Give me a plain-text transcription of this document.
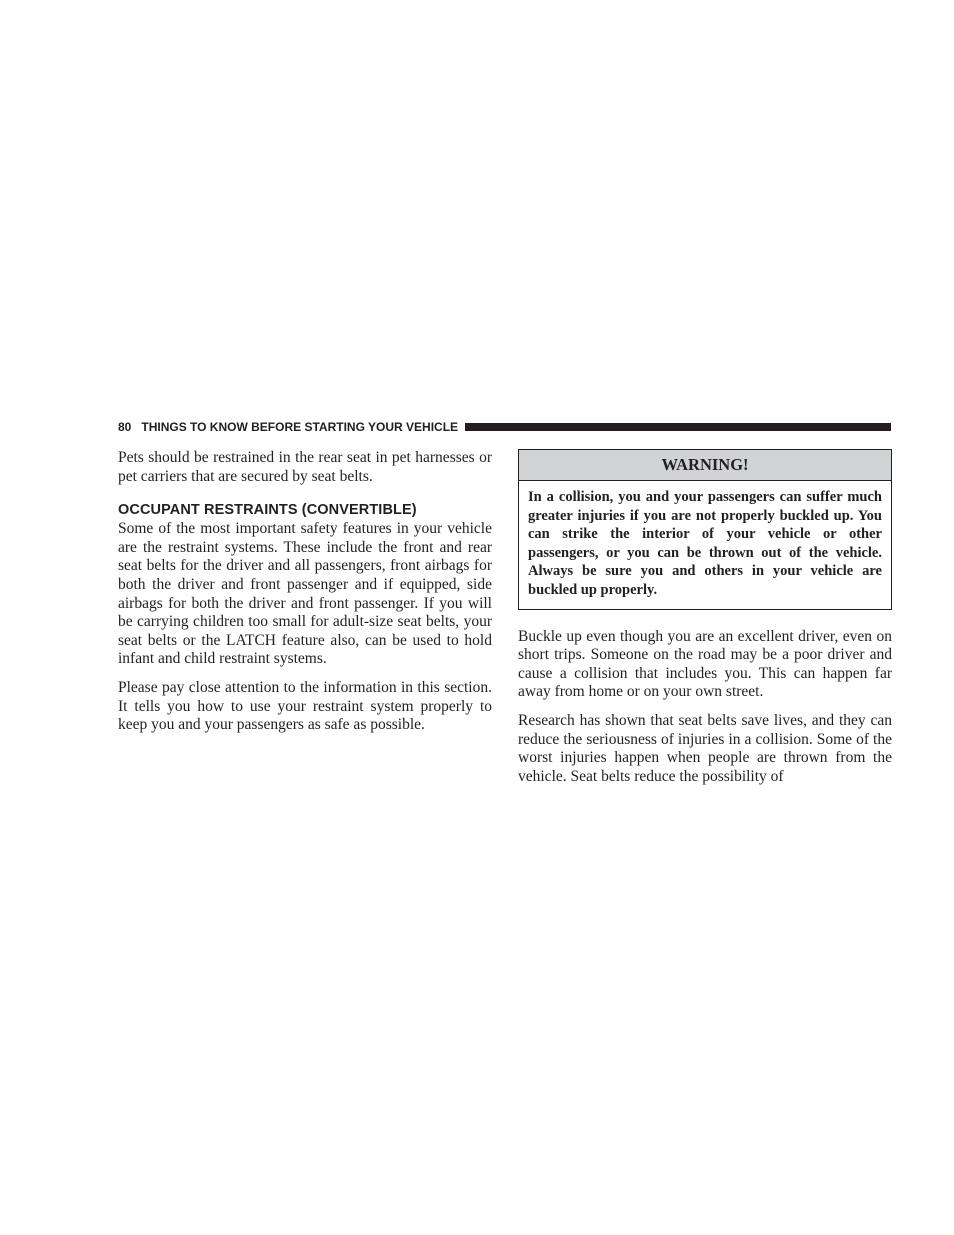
80 THINGS TO KNOW BEFORE STARTING YOUR VEHICLE

Pets should be restrained in the rear seat in pet harnesses or pet carriers that are secured by seat belts.

OCCUPANT RESTRAINTS (CONVERTIBLE)

Some of the most important safety features in your vehicle are the restraint systems. These include the front and rear seat belts for the driver and all passengers, front airbags for both the driver and front passenger and if equipped, side airbags for both the driver and front passenger. If you will be carrying children too small for adult-size seat belts, your seat belts or the LATCH feature also, can be used to hold infant and child restraint systems.

Please pay close attention to the information in this section. It tells you how to use your restraint system properly to keep you and your passengers as safe as possible.

WARNING!
In a collision, you and your passengers can suffer much greater injuries if you are not properly buckled up. You can strike the interior of your vehicle or other passengers, or you can be thrown out of the vehicle. Always be sure you and others in your vehicle are buckled up properly.

Buckle up even though you are an excellent driver, even on short trips. Someone on the road may be a poor driver and cause a collision that includes you. This can happen far away from home or on your own street.

Research has shown that seat belts save lives, and they can reduce the seriousness of injuries in a collision. Some of the worst injuries happen when people are thrown from the vehicle. Seat belts reduce the possibility of
